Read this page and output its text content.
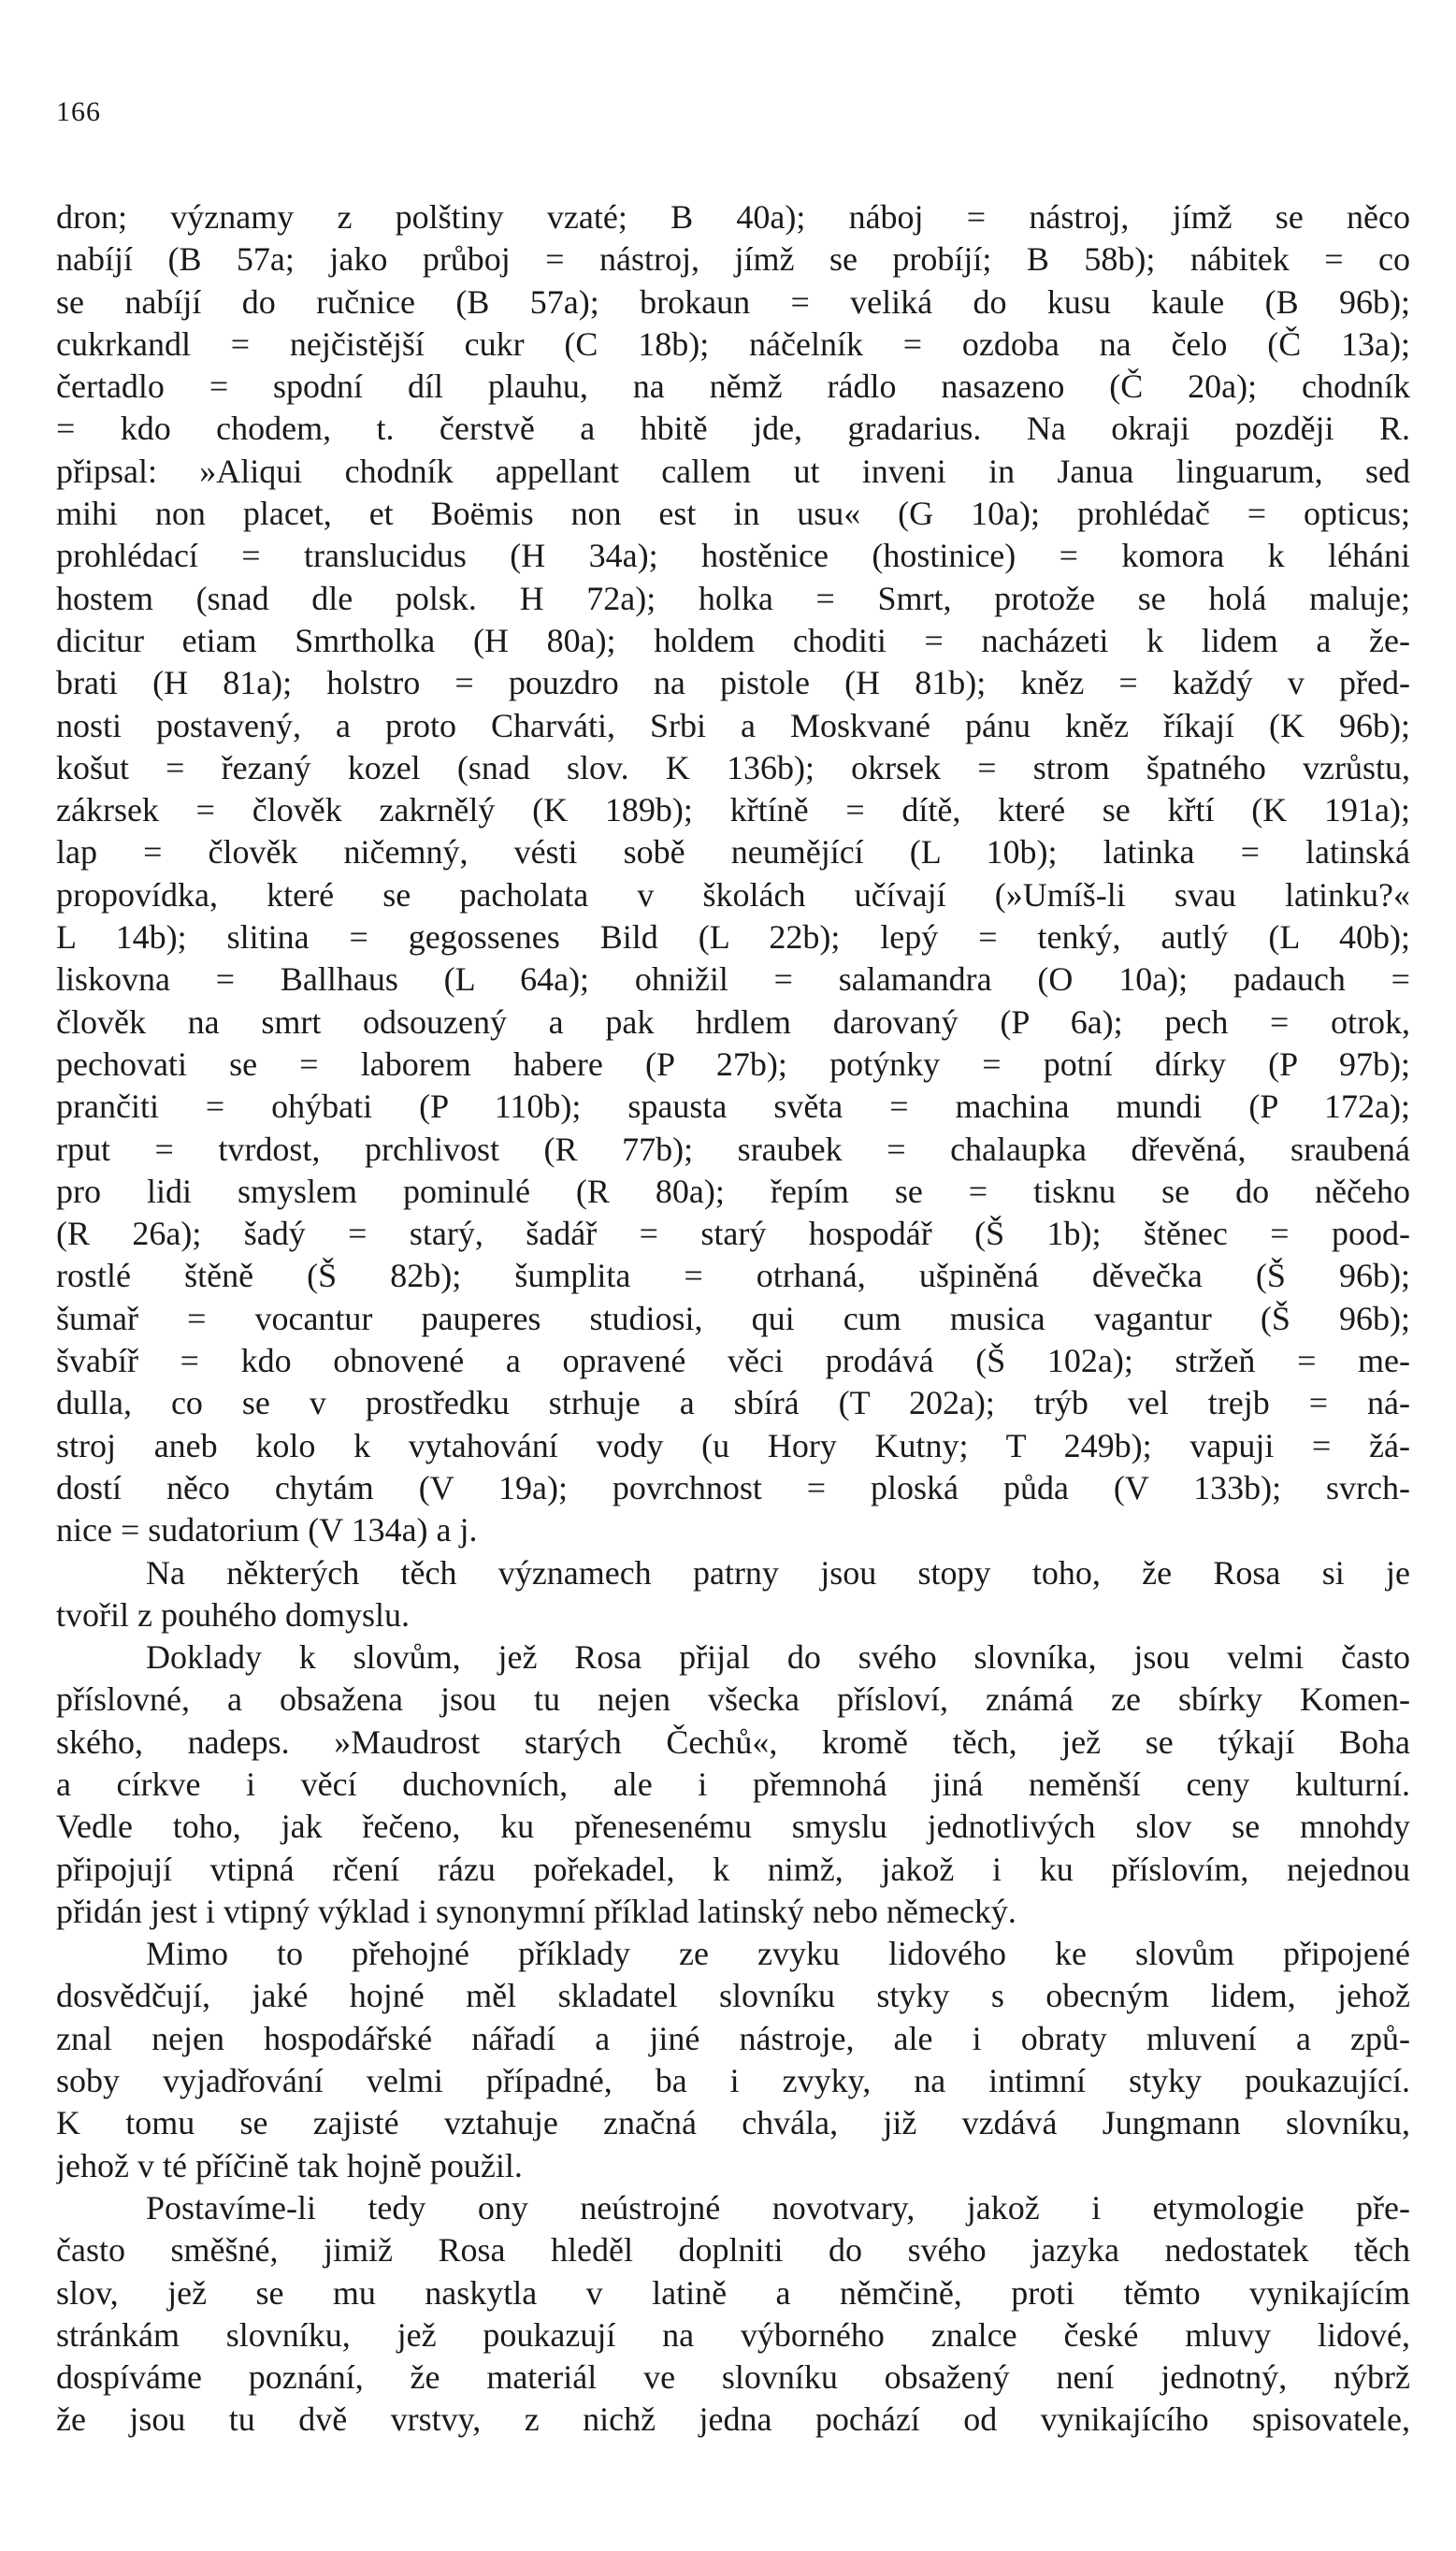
166
dron; významy z polštiny vzaté; B 40a); náboj = nástroj, jímž se něco
nabíjí (B 57a; jako průboj = nástroj, jímž se probíjí; B 58b); nábitek = co
se nabíjí do ručnice (B 57a); brokaun = veliká do kusu kaule (B 96b);
cukrkandl = nejčistější cukr (C 18b); náčelník = ozdoba na čelo (Č 13a);
čertadlo = spodní díl plauhu, na němž rádlo nasazeno (Č 20a); chodník
= kdo chodem, t. čerstvě a hbitě jde, gradarius. Na okraji později R.
připsal: »Aliqui chodník appellant callem ut inveni in Janua linguarum, sed
mihi non placet, et Boëmis non est in usu« (G 10a); prohlédač = opticus;
prohlédací = translucidus (H 34a); hostěnice (hostinice) = komora k léháni
hostem (snad dle polsk. H 72a); holka = Smrt, protože se holá maluje;
dicitur etiam Smrtholka (H 80a); holdem choditi = nacházeti k lidem a že-
brati (H 81a); holstro = pouzdro na pistole (H 81b); kněz = každý v před-
nosti postavený, a proto Charváti, Srbi a Moskvané pánu kněz říkají (K 96b);
košut = řezaný kozel (snad slov. K 136b); okrsek = strom špatného vzrůstu,
zákrsek = člověk zakrnělý (K 189b); křtíně = dítě, které se křtí (K 191a);
lap = člověk ničemný, vésti sobě neumějící (L 10b); latinka = latinská
propovídka, které se pacholata v školách učívají (»Umíš-li svau latinku?«
L 14b); slitina = gegossenes Bild (L 22b); lepý = tenký, autlý (L 40b);
liskovna = Ballhaus (L 64a); ohnižil = salamandra (O 10a); padauch =
člověk na smrt odsouzený a pak hrdlem darovaný (P 6a); pech = otrok,
pechovati se = laborem habere (P 27b); potýnky = potní dírky (P 97b);
prančiti = ohýbati (P 110b); spausta světa = machina mundi (P 172a);
rput = tvrdost, prchlivost (R 77b); sraubek = chalaupka dřevěná, sraubená
pro lidi smyslem pominulé (R 80a); řepím se = tisknu se do něčeho
(R 26a); šadý = starý, šadář = starý hospodář (Š 1b); štěnec = pood-
rostlé štěně (Š 82b); šumplita = otrhaná, ušpiněná děvečka (Š 96b);
šumař = vocantur pauperes studiosi, qui cum musica vagantur (Š 96b);
švabíř = kdo obnovené a opravené věci prodává (Š 102a); stržeň = me-
dulla, co se v prostředku strhuje a sbírá (T 202a); trýb vel trejb = ná-
stroj aneb kolo k vytahování vody (u Hory Kutny; T 249b); vapuji = žá-
dostí něco chytám (V 19a); povrchnost = ploská půda (V 133b); svrch-
nice = sudatorium (V 134a) a j.
Na některých těch významech patrny jsou stopy toho, že Rosa si je
tvořil z pouhého domyslu.
Doklady k slovům, jež Rosa přijal do svého slovníka, jsou velmi často
příslovné, a obsažena jsou tu nejen všecka přísloví, známá ze sbírky Komen-
ského, nadeps. »Maudrost starých Čechů«, kromě těch, jež se týkají Boha
a církve i věcí duchovních, ale i přemnohá jiná neměnší ceny kulturní.
Vedle toho, jak řečeno, ku přenesenému smyslu jednotlivých slov se mnohdy
připojují vtipná rčení rázu pořekadel, k nimž, jakož i ku příslovím, nejednou
přidán jest i vtipný výklad i synonymní příklad latinský nebo německý.
Mimo to přehojné příklady ze zvyku lidového ke slovům připojené
dosvědčují, jaké hojné měl skladatel slovníku styky s obecným lidem, jehož
znal nejen hospodářské nářadí a jiné nástroje, ale i obraty mluvení a způ-
soby vyjadřování velmi případné, ba i zvyky, na intimní styky poukazující.
K tomu se zajisté vztahuje značná chvála, již vzdává Jungmann slovníku,
jehož v té příčině tak hojně použil.
Postavíme-li tedy ony neústrojné novotvary, jakož i etymologie pře-
často směšné, jimiž Rosa hleděl doplniti do svého jazyka nedostatek těch
slov, jež se mu naskytla v latině a němčině, proti těmto vynikajícím
stránkám slovníku, jež poukazují na výborného znalce české mluvy lidové,
dospíváme poznání, že materiál ve slovníku obsažený není jednotný, nýbrž
že jsou tu dvě vrstvy, z nichž jedna pochází od vynikajícího spisovatele,
